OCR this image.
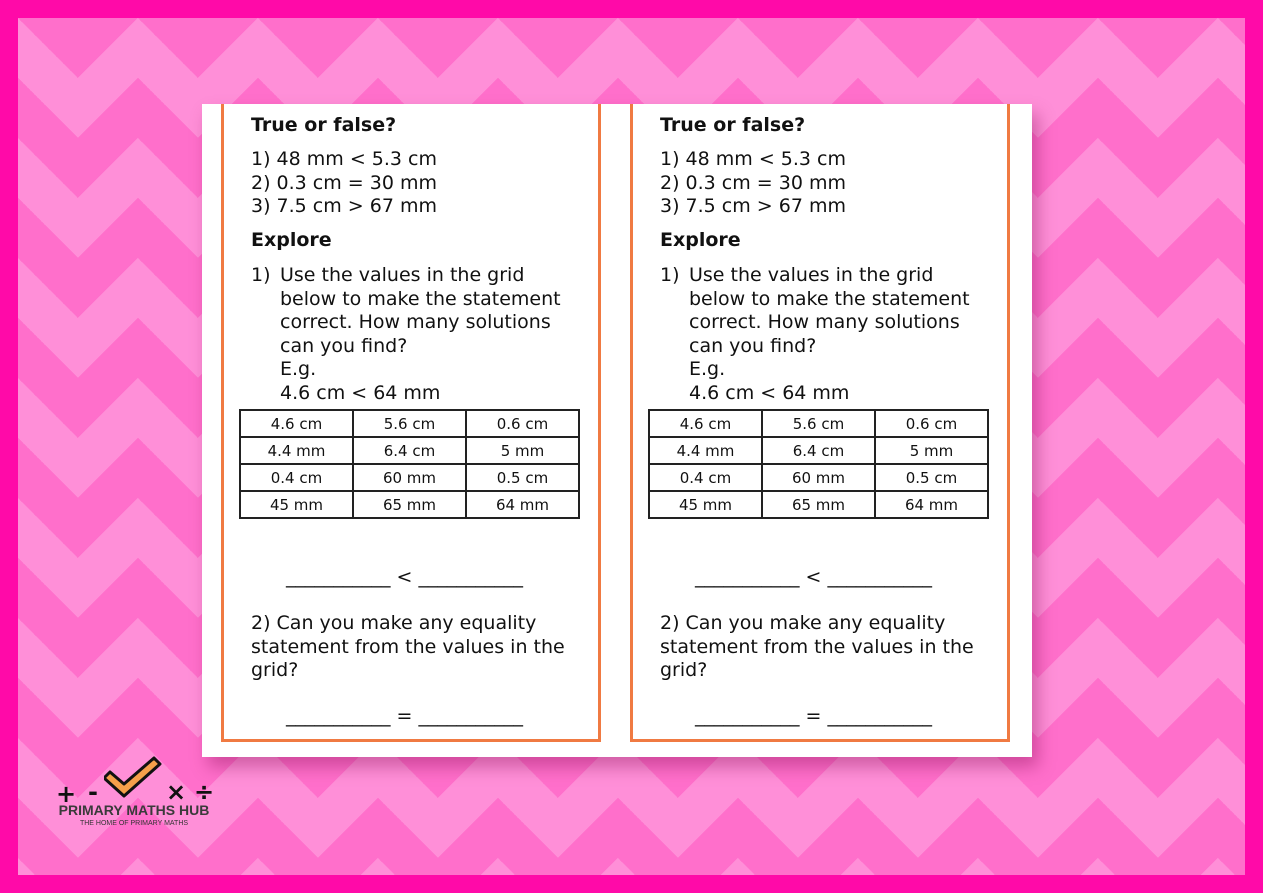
True or false?
1) 48 mm < 5.3 cm
2) 0.3 cm = 30 mm
3) 7.5 cm > 67 mm
Explore
1) Use the values in the grid
below to make the statement
correct. How many solutions
can you find?
E.g.
4.6 cm < 64 mm
4.6 cm	5.6 cm	0.6 cm
4.4 mm	6.4 cm	5 mm
0.4 cm	60 mm	0.5 cm
45 mm	65 mm	64 mm
___________ < ___________
2) Can you make any equality
statement from the values in the
grid?
___________ = ___________
True or false?
1) 48 mm < 5.3 cm
2) 0.3 cm = 30 mm
3) 7.5 cm > 67 mm
Explore
1) Use the values in the grid
below to make the statement
correct. How many solutions
can you find?
E.g.
4.6 cm < 64 mm
4.6 cm	5.6 cm	0.6 cm
4.4 mm	6.4 cm	5 mm
0.4 cm	60 mm	0.5 cm
45 mm	65 mm	64 mm
___________ < ___________
2) Can you make any equality
statement from the values in the
grid?
___________ = ___________
+ -	× ÷
PRIMARY MATHS HUB
THE HOME OF PRIMARY MATHS
